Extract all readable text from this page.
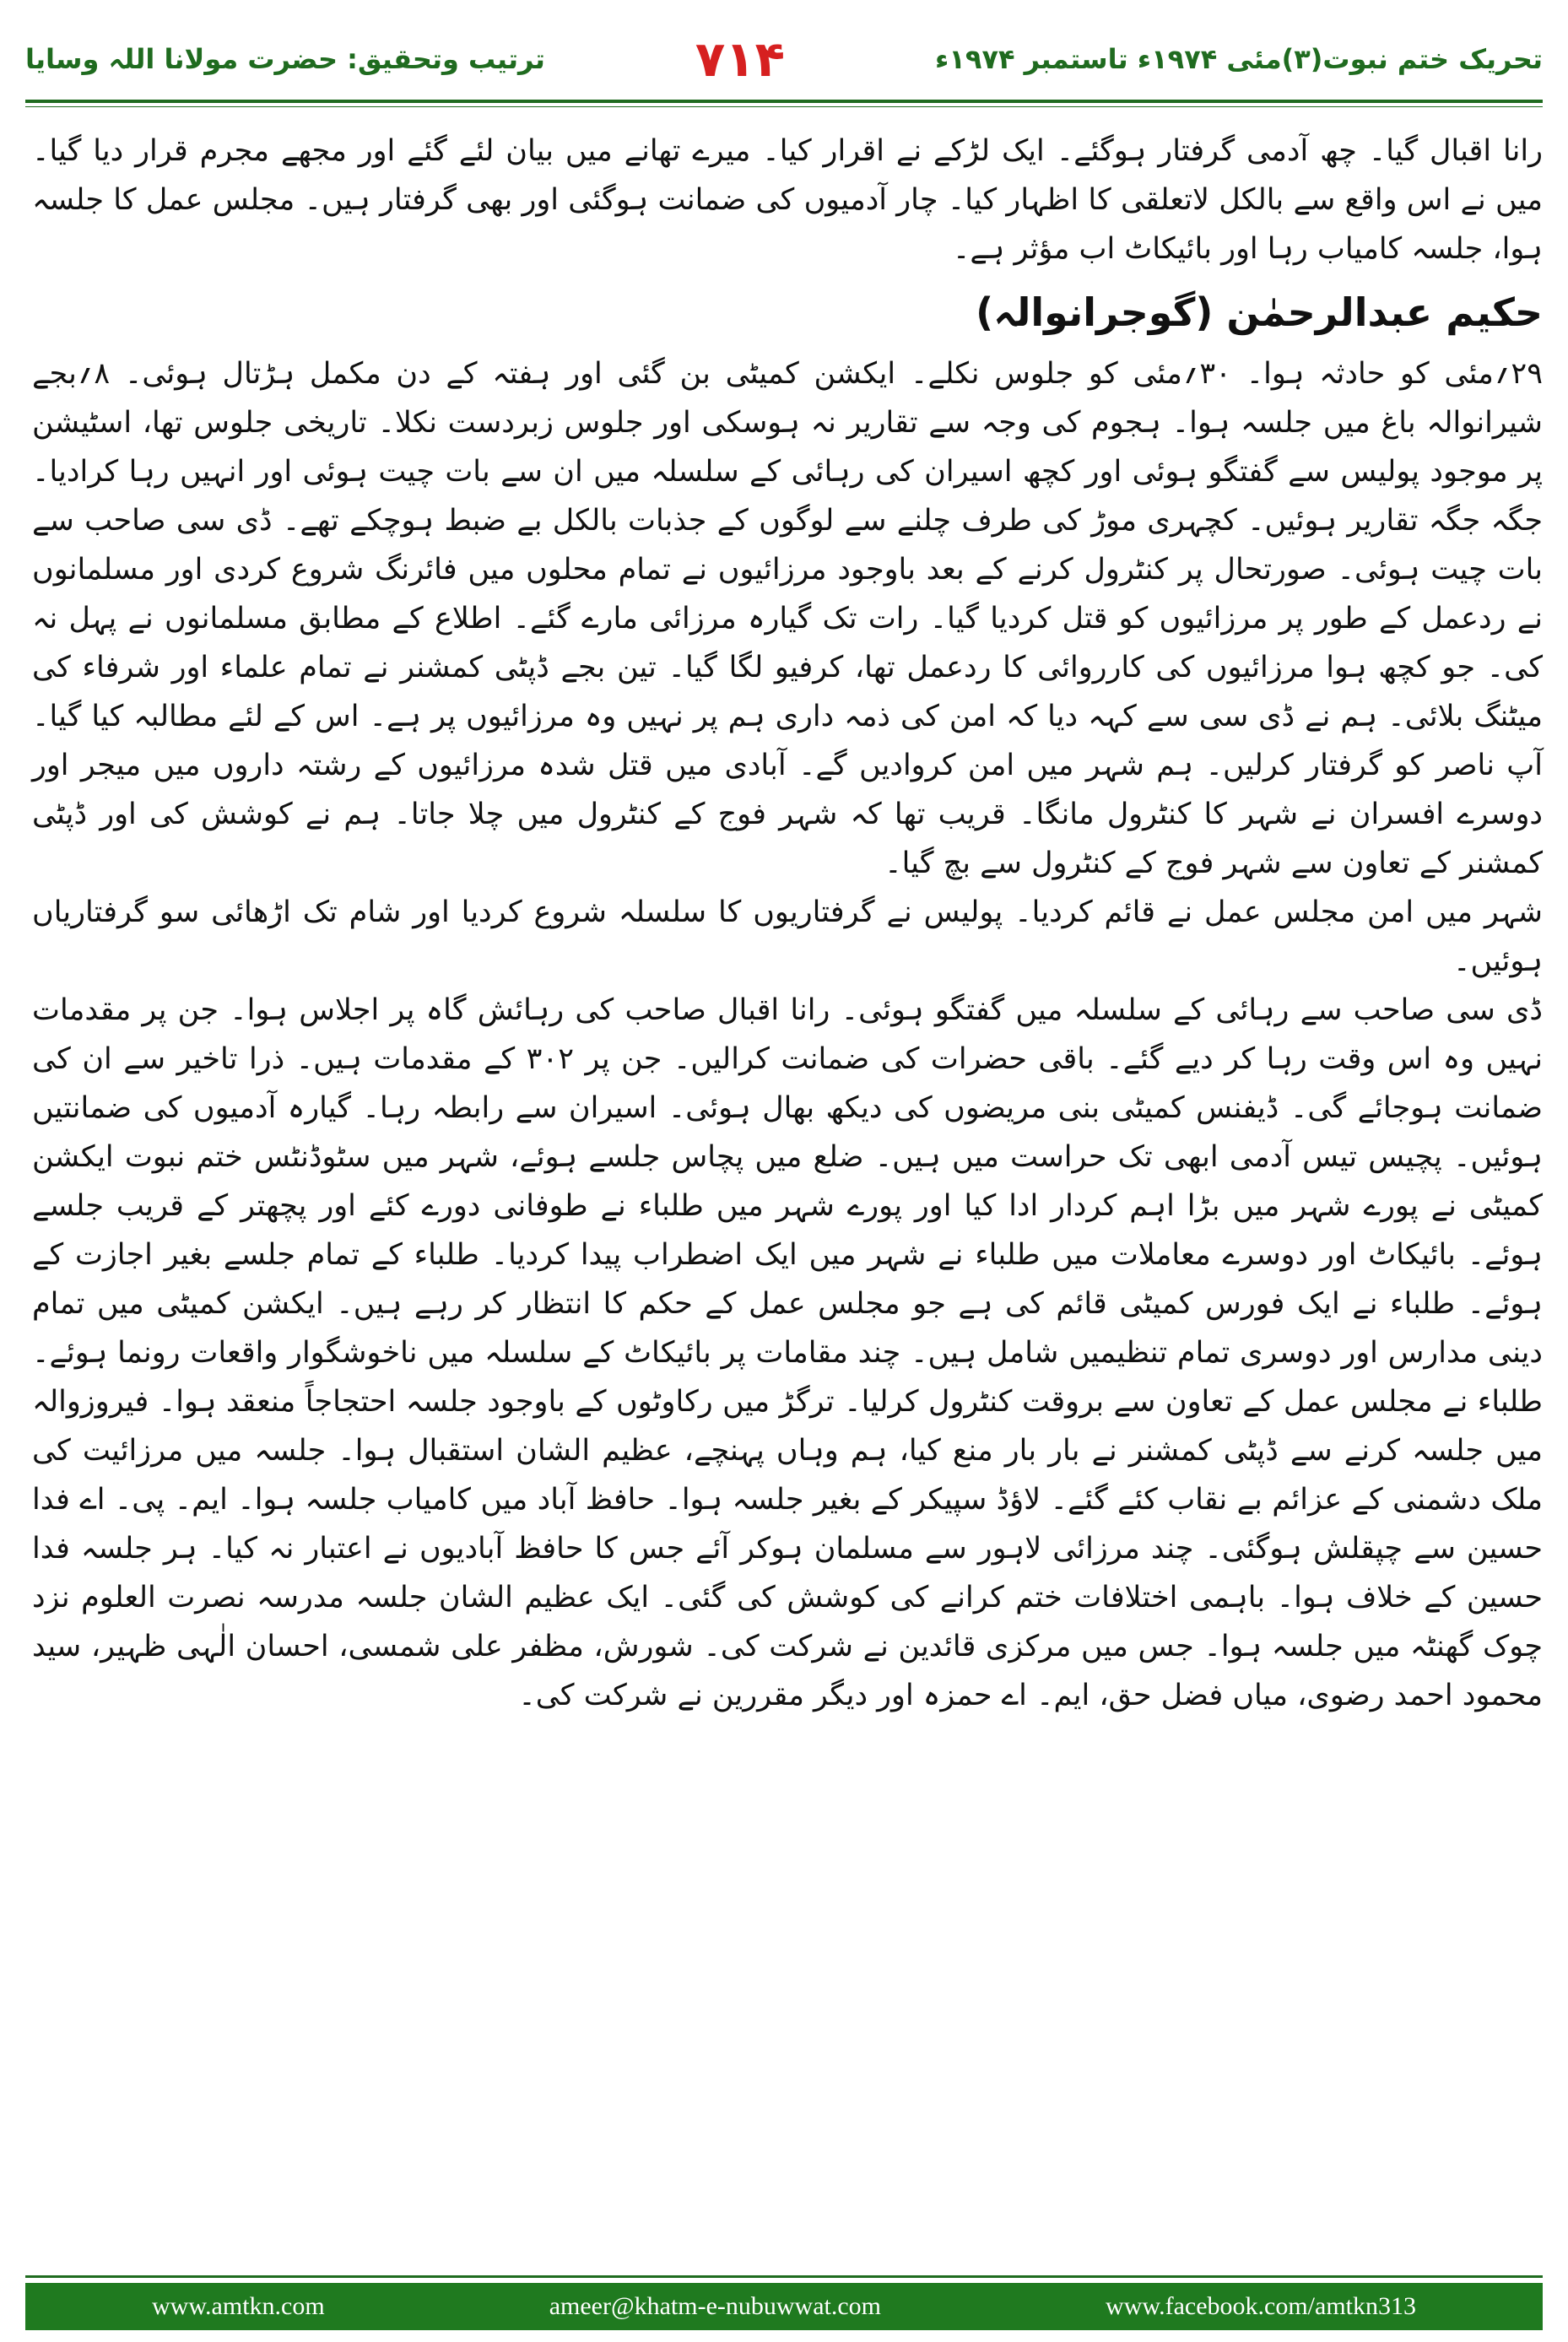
ترتیب وتحقیق: حضرت مولانا اللہ وسایا	۷۱۴	تحریک ختم نبوت(۳)مئی ۱۹۷۴ء تاستمبر ۱۹۷۴ء

رانا اقبال گیا۔ چھ آدمی گرفتار ہوگئے۔ ایک لڑکے نے اقرار کیا۔ میرے تھانے میں بیان لئے گئے اور مجھے مجرم قرار دیا گیا۔ میں نے اس واقع سے بالکل لاتعلقی کا اظہار کیا۔ چار آدمیوں کی ضمانت ہوگئی اور بھی گرفتار ہیں۔ مجلس عمل کا جلسہ ہوا، جلسہ کامیاب رہا اور بائیکاٹ اب مؤثر ہے۔

حکیم عبدالرحمٰن (گوجرانوالہ)

۲۹؍مئی کو حادثہ ہوا۔ ۳۰؍مئی کو جلوس نکلے۔ ایکشن کمیٹی بن گئی اور ہفتہ کے دن مکمل ہڑتال ہوئی۔ ۸؍بجے شیرانوالہ باغ میں جلسہ ہوا۔ ہجوم کی وجہ سے تقاریر نہ ہوسکی اور جلوس زبردست نکلا۔ تاریخی جلوس تھا، اسٹیشن پر موجود پولیس سے گفتگو ہوئی اور کچھ اسیران کی رہائی کے سلسلہ میں ان سے بات چیت ہوئی اور انہیں رہا کرادیا۔ جگہ جگہ تقاریر ہوئیں۔ کچہری موڑ کی طرف چلنے سے لوگوں کے جذبات بالکل بے ضبط ہوچکے تھے۔ ڈی سی صاحب سے بات چیت ہوئی۔ صورتحال پر کنٹرول کرنے کے بعد باوجود مرزائیوں نے تمام محلوں میں فائرنگ شروع کردی اور مسلمانوں نے ردعمل کے طور پر مرزائیوں کو قتل کردیا گیا۔ رات تک گیارہ مرزائی مارے گئے۔ اطلاع کے مطابق مسلمانوں نے پہل نہ کی۔ جو کچھ ہوا مرزائیوں کی کارروائی کا ردعمل تھا، کرفیو لگا گیا۔ تین بجے ڈپٹی کمشنر نے تمام علماء اور شرفاء کی میٹنگ بلائی۔ ہم نے ڈی سی سے کہہ دیا کہ امن کی ذمہ داری ہم پر نہیں وہ مرزائیوں پر ہے۔ اس کے لئے مطالبہ کیا گیا۔ آپ ناصر کو گرفتار کرلیں۔ ہم شہر میں امن کروادیں گے۔ آبادی میں قتل شدہ مرزائیوں کے رشتہ داروں میں میجر اور دوسرے افسران نے شہر کا کنٹرول مانگا۔ قریب تھا کہ شہر فوج کے کنٹرول میں چلا جاتا۔ ہم نے کوشش کی اور ڈپٹی کمشنر کے تعاون سے شہر فوج کے کنٹرول سے بچ گیا۔

شہر میں امن مجلس عمل نے قائم کردیا۔ پولیس نے گرفتاریوں کا سلسلہ شروع کردیا اور شام تک اڑھائی سو گرفتاریاں ہوئیں۔

ڈی سی صاحب سے رہائی کے سلسلہ میں گفتگو ہوئی۔ رانا اقبال صاحب کی رہائش گاہ پر اجلاس ہوا۔ جن پر مقدمات نہیں وہ اس وقت رہا کر دیے گئے۔ باقی حضرات کی ضمانت کرالیں۔ جن پر ۳۰۲ کے مقدمات ہیں۔ ذرا تاخیر سے ان کی ضمانت ہوجائے گی۔ ڈیفنس کمیٹی بنی مریضوں کی دیکھ بھال ہوئی۔ اسیران سے رابطہ رہا۔ گیارہ آدمیوں کی ضمانتیں ہوئیں۔ پچیس تیس آدمی ابھی تک حراست میں ہیں۔ ضلع میں پچاس جلسے ہوئے، شہر میں سٹوڈنٹس ختم نبوت ایکشن کمیٹی نے پورے شہر میں بڑا اہم کردار ادا کیا اور پورے شہر میں طلباء نے طوفانی دورے کئے اور پچھتر کے قریب جلسے ہوئے۔ بائیکاٹ اور دوسرے معاملات میں طلباء نے شہر میں ایک اضطراب پیدا کردیا۔ طلباء کے تمام جلسے بغیر اجازت کے ہوئے۔ طلباء نے ایک فورس کمیٹی قائم کی ہے جو مجلس عمل کے حکم کا انتظار کر رہے ہیں۔ ایکشن کمیٹی میں تمام دینی مدارس اور دوسری تمام تنظیمیں شامل ہیں۔ چند مقامات پر بائیکاٹ کے سلسلہ میں ناخوشگوار واقعات رونما ہوئے۔ طلباء نے مجلس عمل کے تعاون سے بروقت کنٹرول کرلیا۔ ترگڑ میں رکاوٹوں کے باوجود جلسہ احتجاجاً منعقد ہوا۔ فیروزوالہ میں جلسہ کرنے سے ڈپٹی کمشنر نے بار بار منع کیا، ہم وہاں پہنچے، عظیم الشان استقبال ہوا۔ جلسہ میں مرزائیت کی ملک دشمنی کے عزائم بے نقاب کئے گئے۔ لاؤڈ سپیکر کے بغیر جلسہ ہوا۔ حافظ آباد میں کامیاب جلسہ ہوا۔ ایم۔ پی۔ اے فدا حسین سے چپقلش ہوگئی۔ چند مرزائی لاہور سے مسلمان ہوکر آئے جس کا حافظ آبادیوں نے اعتبار نہ کیا۔ ہر جلسہ فدا حسین کے خلاف ہوا۔ باہمی اختلافات ختم کرانے کی کوشش کی گئی۔ ایک عظیم الشان جلسہ مدرسہ نصرت العلوم نزد چوک گھنٹہ میں جلسہ ہوا۔ جس میں مرکزی قائدین نے شرکت کی۔ شورش، مظفر علی شمسی، احسان الٰہی ظہیر، سید محمود احمد رضوی، میاں فضل حق، ایم۔ اے حمزہ اور دیگر مقررین نے شرکت کی۔

www.amtkn.com	ameer@khatm-e-nubuwwat.com	www.facebook.com/amtkn313
